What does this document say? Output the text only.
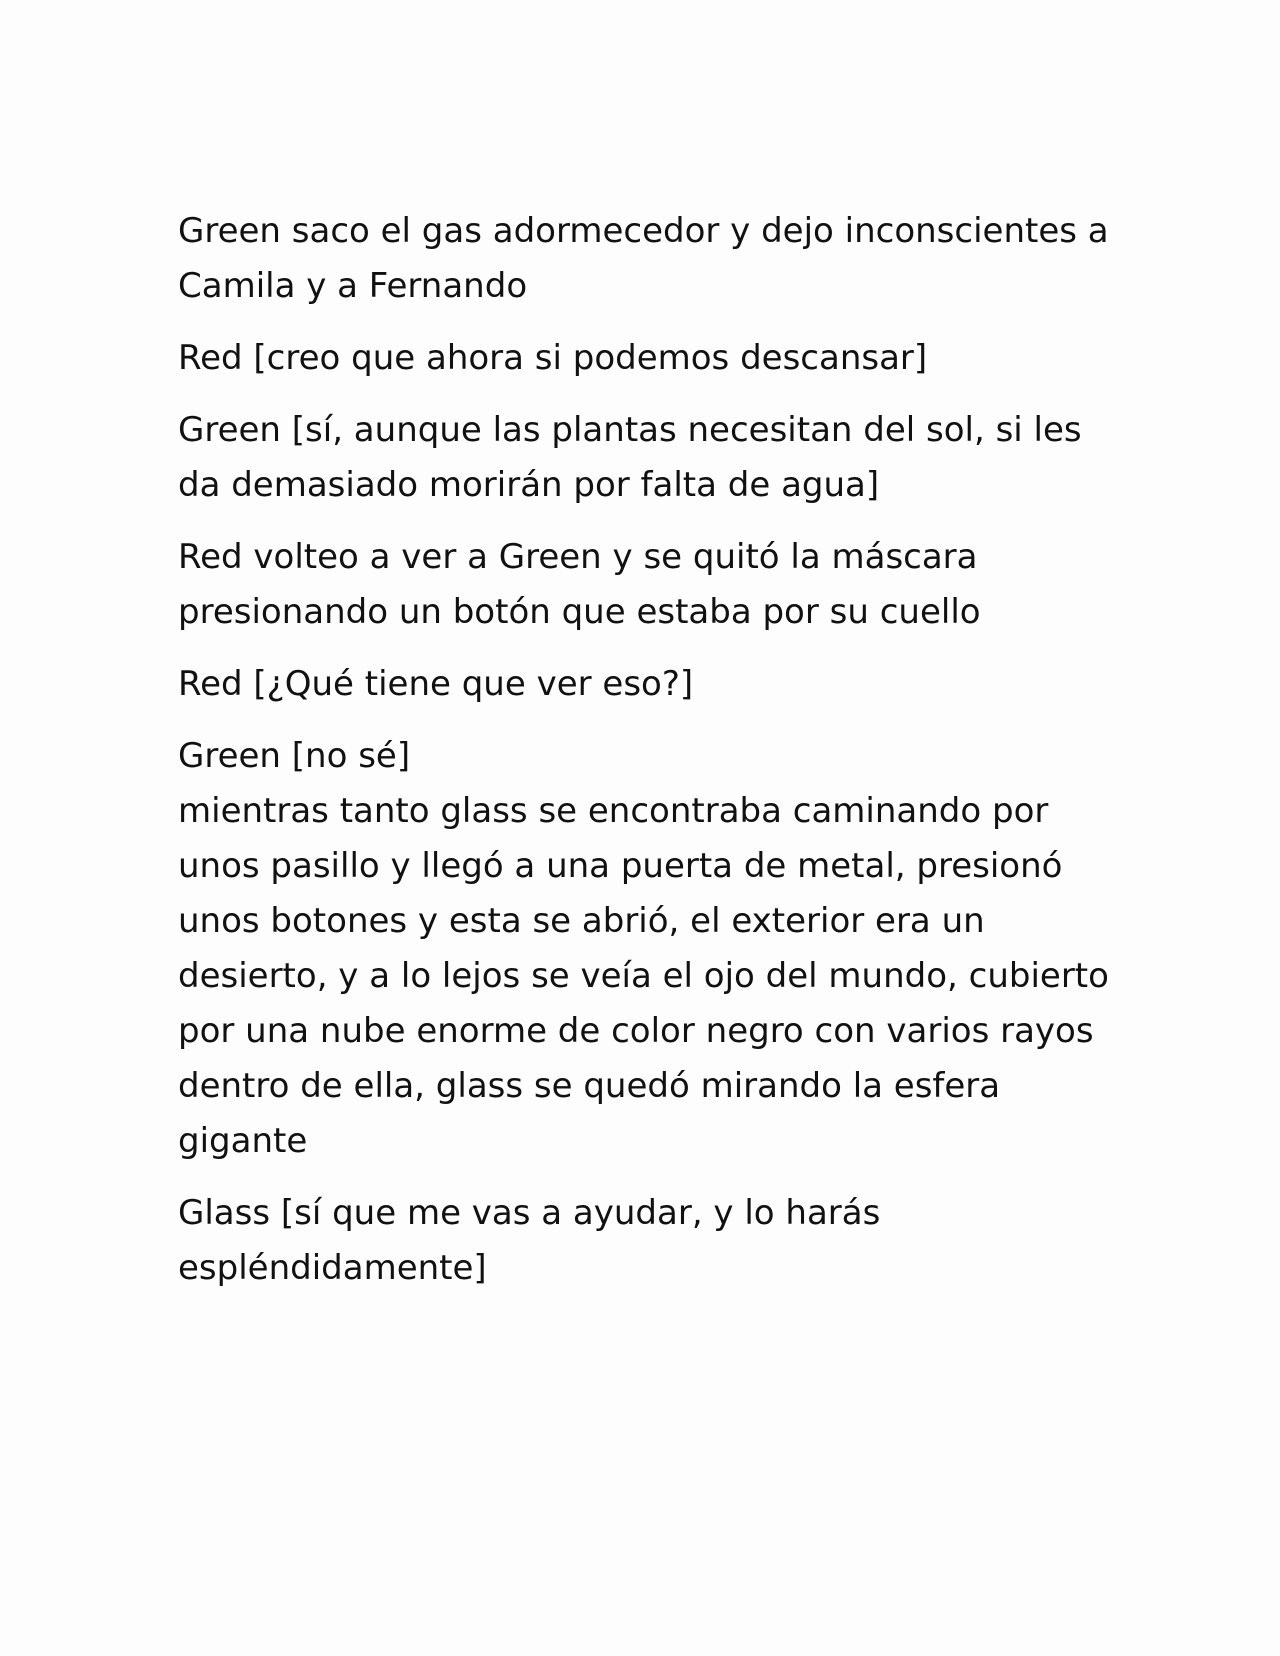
Green saco el gas adormecedor y dejo inconscientes a Camila y a Fernando

Red [creo que ahora si podemos descansar]

Green [sí, aunque las plantas necesitan del sol, si les da demasiado morirán por falta de agua]

Red volteo a ver a Green y se quitó la máscara presionando un botón que estaba por su cuello

Red [¿Qué tiene que ver eso?]

Green [no sé]

mientras tanto glass se encontraba caminando por unos pasillo y llegó a una puerta de metal, presionó unos botones y esta se abrió, el exterior era un desierto, y a lo lejos se veía el ojo del mundo, cubierto por una nube enorme de color negro con varios rayos dentro de ella, glass se quedó mirando la esfera gigante

Glass [sí que me vas a ayudar, y lo harás espléndidamente]
